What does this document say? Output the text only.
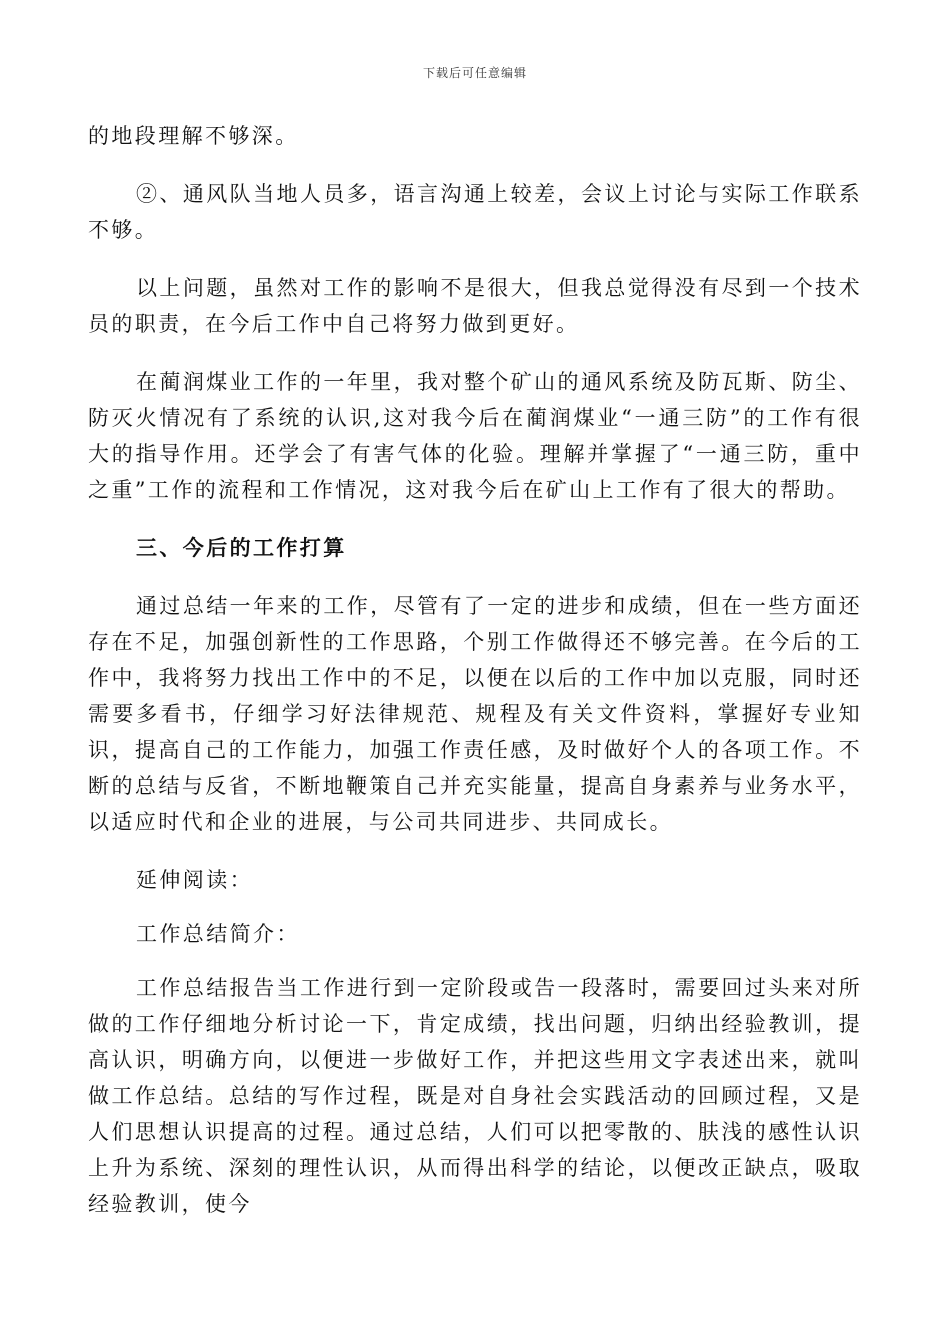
下载后可任意编辑

的地段理解不够深。

②、通风队当地人员多，语言沟通上较差，会议上讨论与实际工作联系不够。

以上问题，虽然对工作的影响不是很大，但我总觉得没有尽到一个技术员的职责，在今后工作中自己将努力做到更好。

在蔺润煤业工作的一年里，我对整个矿山的通风系统及防瓦斯、防尘、防灭火情况有了系统的认识,这对我今后在蔺润煤业“一通三防”的工作有很大的指导作用。还学会了有害气体的化验。理解并掌握了“一通三防，重中之重”工作的流程和工作情况，这对我今后在矿山上工作有了很大的帮助。

三、今后的工作打算

通过总结一年来的工作，尽管有了一定的进步和成绩，但在一些方面还存在不足，加强创新性的工作思路，个别工作做得还不够完善。在今后的工作中，我将努力找出工作中的不足，以便在以后的工作中加以克服，同时还需要多看书，仔细学习好法律规范、规程及有关文件资料，掌握好专业知识，提高自己的工作能力，加强工作责任感，及时做好个人的各项工作。不断的总结与反省，不断地鞭策自己并充实能量，提高自身素养与业务水平，以适应时代和企业的进展，与公司共同进步、共同成长。

延伸阅读：

工作总结简介：

工作总结报告当工作进行到一定阶段或告一段落时，需要回过头来对所做的工作仔细地分析讨论一下，肯定成绩，找出问题，归纳出经验教训，提高认识，明确方向，以便进一步做好工作，并把这些用文字表述出来，就叫做工作总结。总结的写作过程，既是对自身社会实践活动的回顾过程，又是人们思想认识提高的过程。通过总结，人们可以把零散的、肤浅的感性认识上升为系统、深刻的理性认识，从而得出科学的结论，以便改正缺点，吸取经验教训，使今
